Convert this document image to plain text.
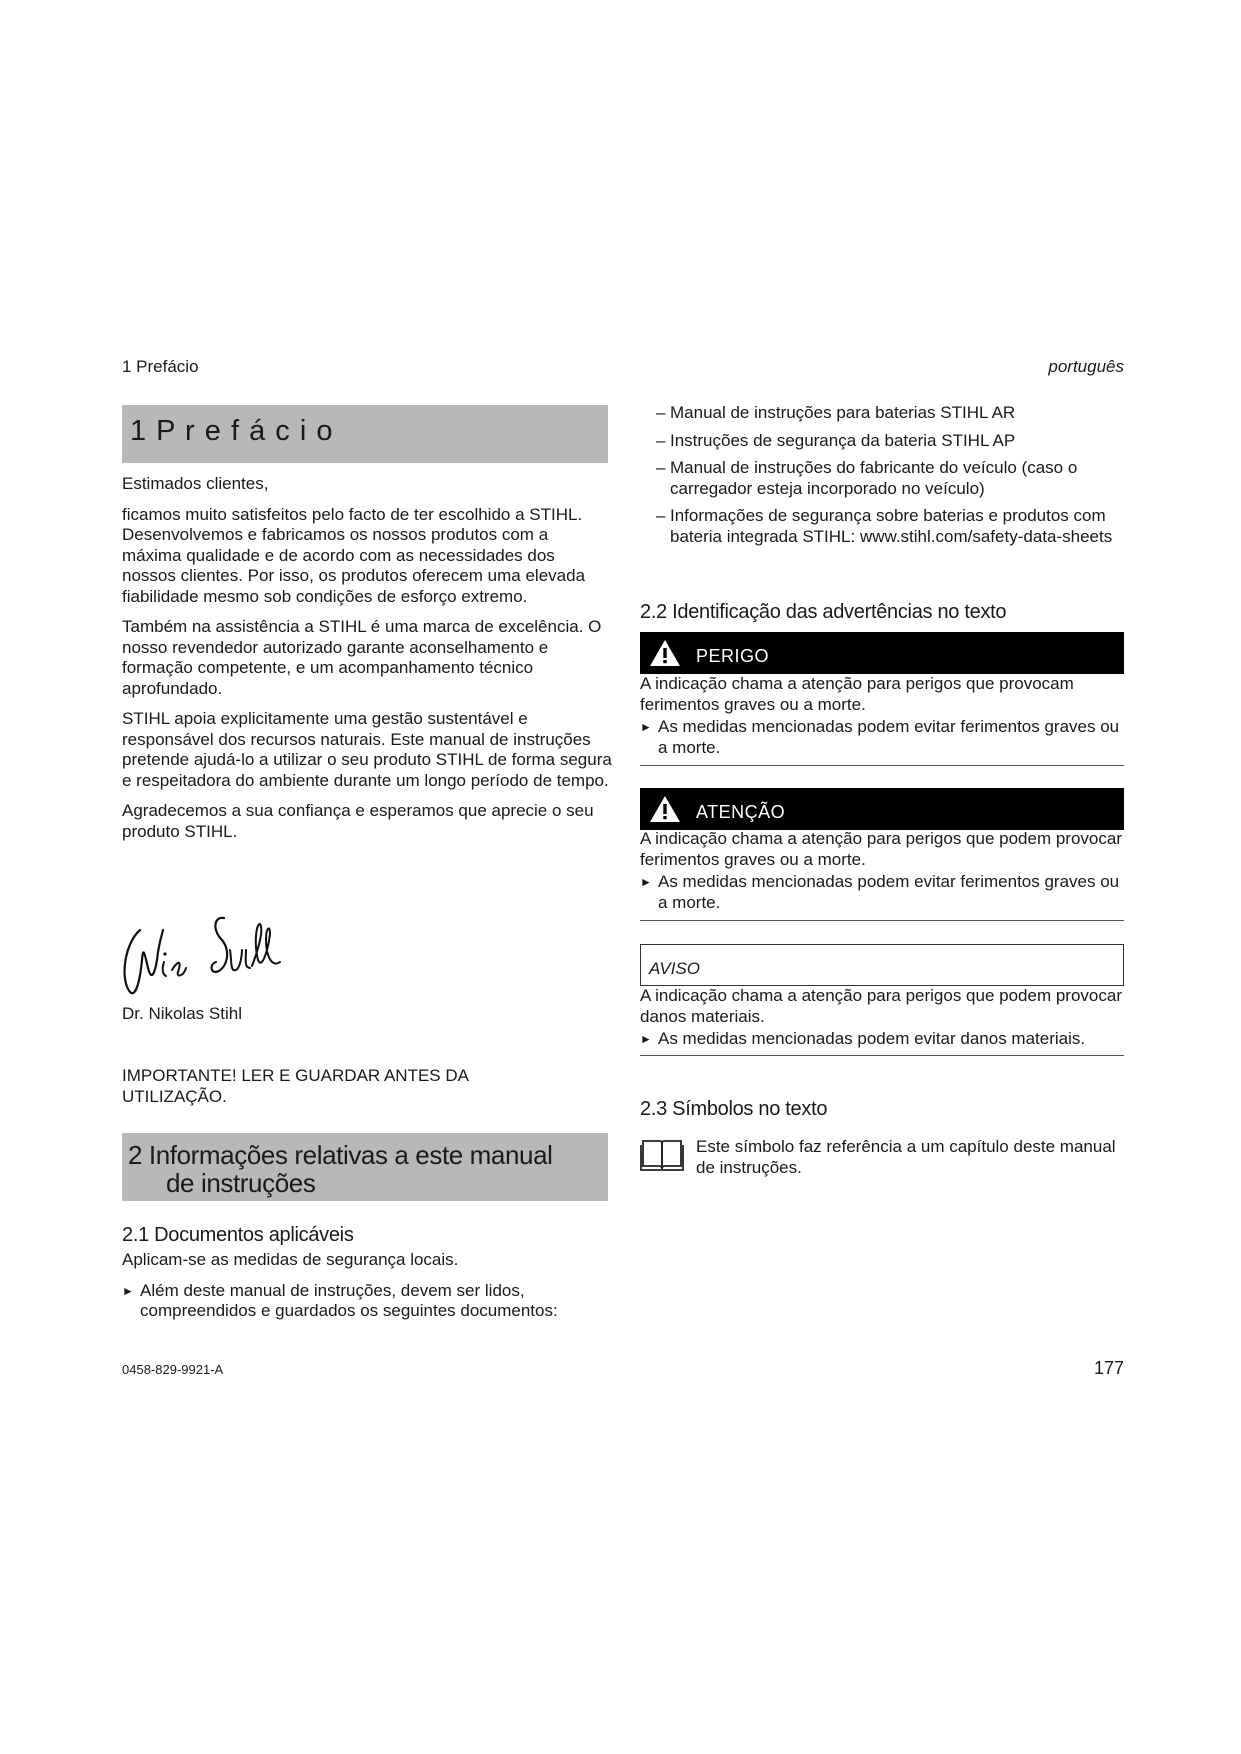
1 Prefácio	português
1 P r e f á c i o

Estimados clientes,

ficamos muito satisfeitos pelo facto de ter escolhido a STIHL. Desenvolvemos e fabricamos os nossos produtos com a máxima qualidade e de acordo com as necessidades dos nossos clientes. Por isso, os produtos oferecem uma elevada fiabilidade mesmo sob condições de esforço extremo.

Também na assistência a STIHL é uma marca de excelência. O nosso revendedor autorizado garante aconselhamento e formação competente, e um acompanhamento técnico aprofundado.

STIHL apoia explicitamente uma gestão sustentável e responsável dos recursos naturais. Este manual de instruções pretende ajudá-lo a utilizar o seu produto STIHL de forma segura e respeitadora do ambiente durante um longo período de tempo.

Agradecemos a sua confiança e esperamos que aprecie o seu produto STIHL.

Nikolas Stihl
Dr. Nikolas Stihl

IMPORTANTE! LER E GUARDAR ANTES DA

UTILIZAÇÃO.

2 Informações relativas a este manual
de instruções
2.1 Documentos aplicáveis

Aplicam-se as medidas de segurança locais.

► Além deste manual de instruções, devem ser lidos, compreendidos e guardados os seguintes documentos:
– Manual de instruções para baterias STIHL AR
– Instruções de segurança da bateria STIHL AP
– Manual de instruções do fabricante do veículo (caso o carregador esteja incorporado no veículo)
– Informações de segurança sobre baterias e produtos com bateria integrada STIHL: www.stihl.com/safety-data-sheets
2.2 Identificação das advertências no texto
PERIGO

A indicação chama a atenção para perigos que provocam ferimentos graves ou a morte.

► As medidas mencionadas podem evitar ferimentos graves ou a morte.
ATENÇÃO

A indicação chama a atenção para perigos que podem provocar ferimentos graves ou a morte.

► As medidas mencionadas podem evitar ferimentos graves ou a morte.
AVISO

A indicação chama a atenção para perigos que podem provocar danos materiais.

► As medidas mencionadas podem evitar danos materiais.
2.3 Símbolos no texto
Este símbolo faz referência a um capítulo deste manual de instruções.
0458-829-9921-A	177
